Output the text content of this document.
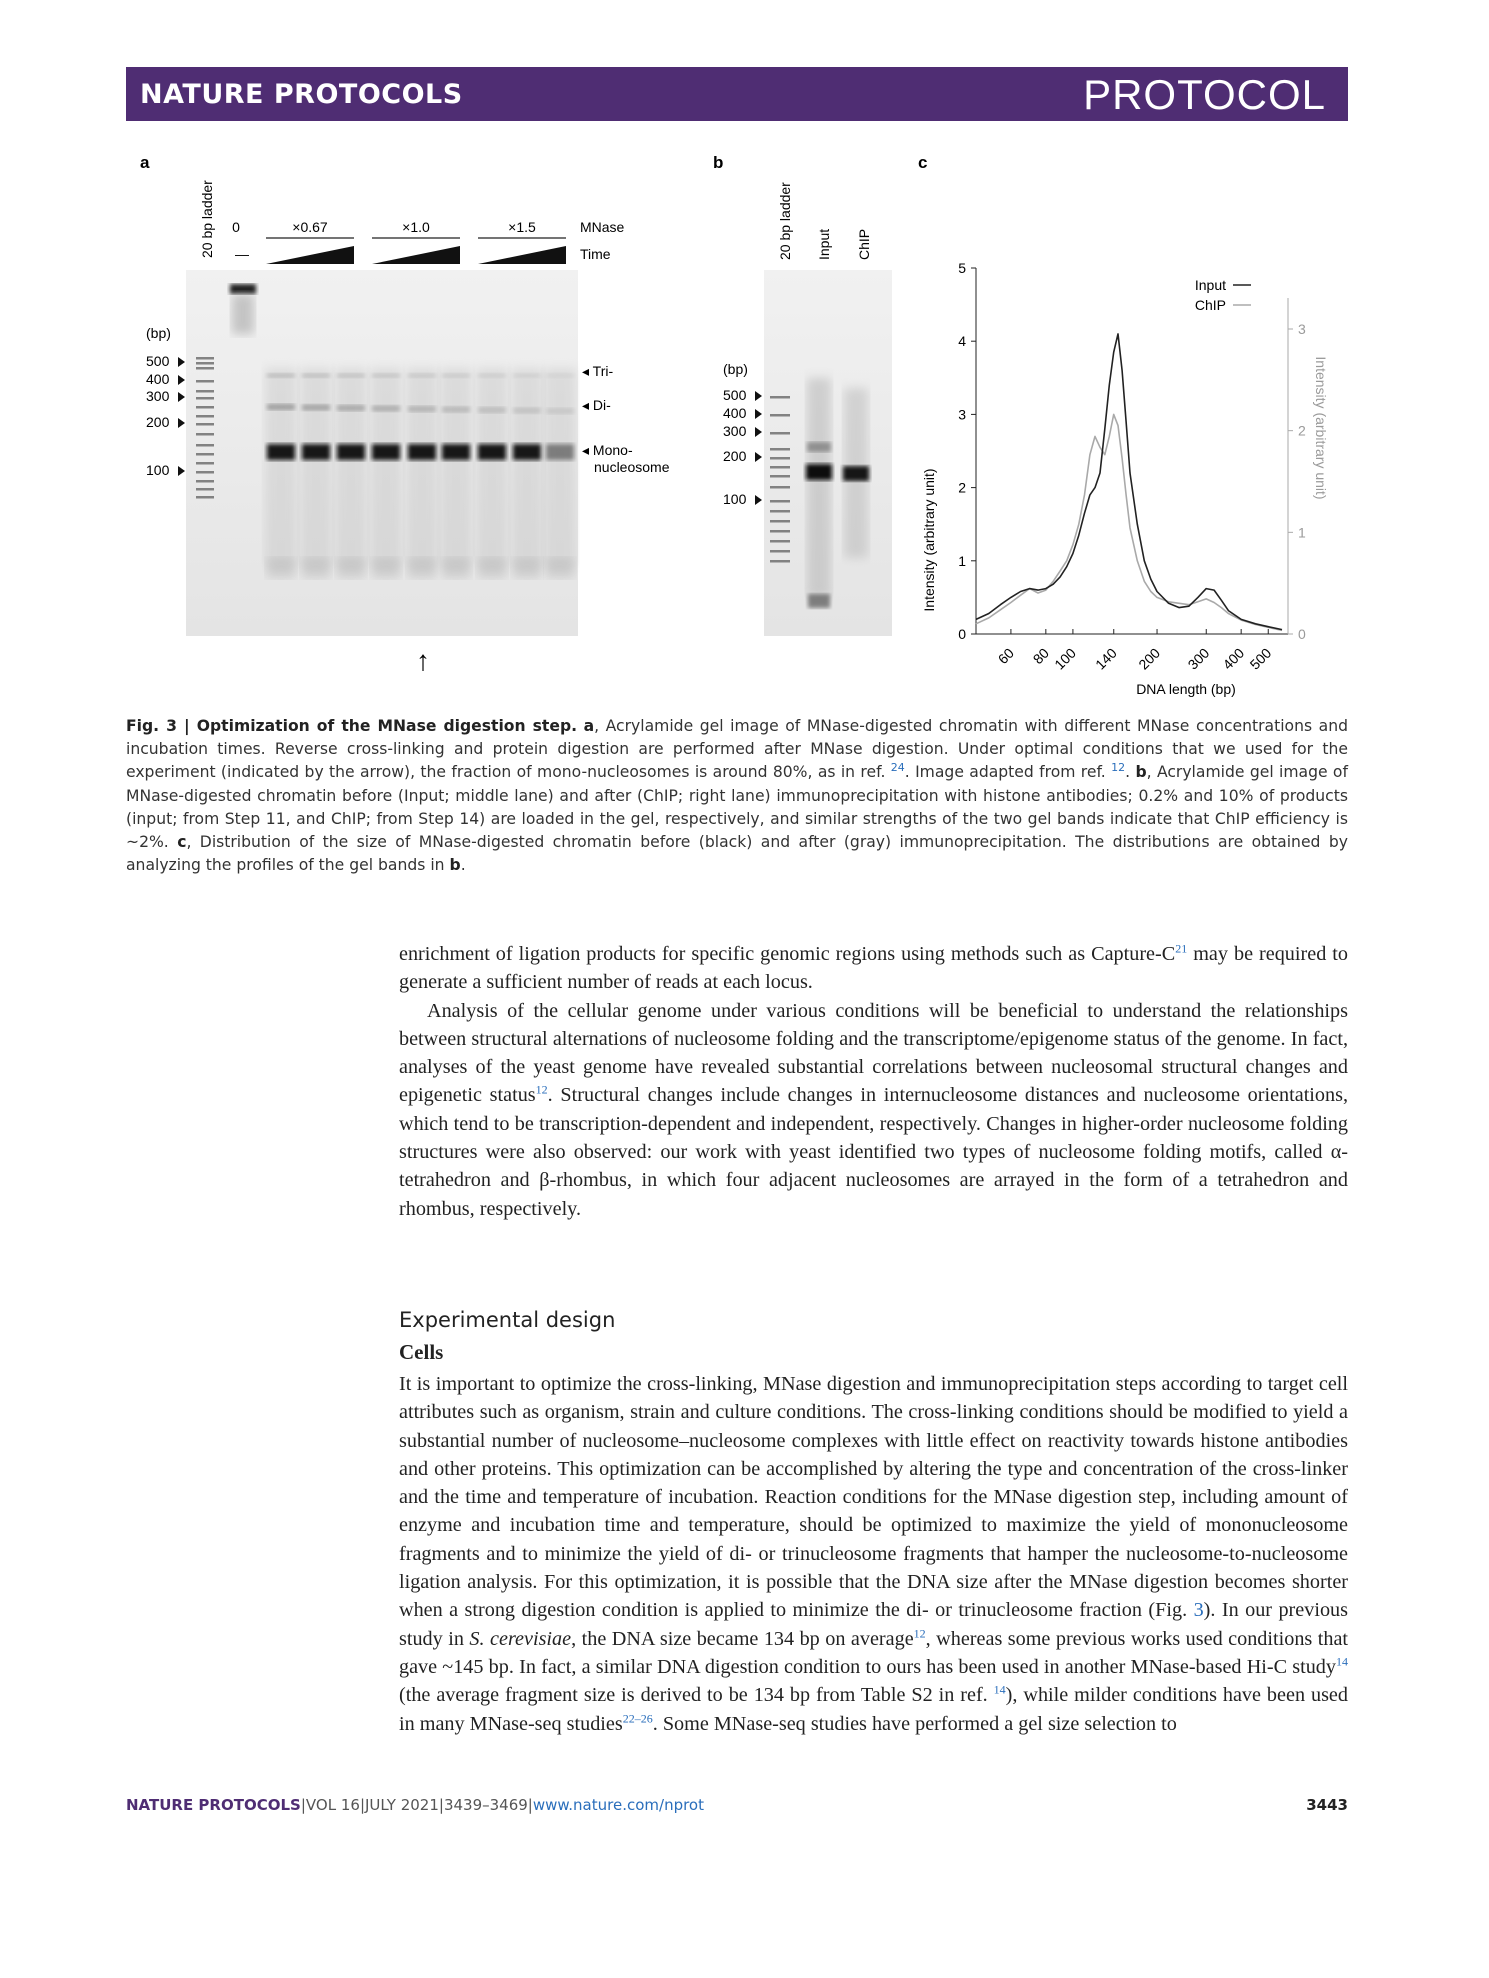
NATURE PROTOCOLS	PROTOCOL
a
20 bp ladder 0
—
×0.67	×1.0	×1.5	MNase
Time
(bp)
500
400
300
200
100
◂ Tri-
◂ Di-
◂ Mono-
nucleosome
↑
b
20 bp ladder Input ChIP
(bp)
500
400
300
200
100
c
0
1
2
3
4
5
0
1
2
3
60 80 100 140 200 300 400 500
DNA length (bp)
Intensity (arbitrary unit)
Intensity (arbitrary unit)
Input
ChIP
Fig. 3 | Optimization of the MNase digestion step. a, Acrylamide gel image of MNase-digested chromatin with different MNase concentrations and incubation times. Reverse cross-linking and protein digestion are performed after MNase digestion. Under optimal conditions that we used for the experiment (indicated by the arrow), the fraction of mono-nucleosomes is around 80%, as in ref. $^{24}$. Image adapted from ref. $^{12}$. b, Acrylamide gel image of MNase-digested chromatin before (Input; middle lane) and after (ChIP; right lane) immunoprecipitation with histone antibodies; 0.2% and 10% of products (input; from Step 11, and ChIP; from Step 14) are loaded in the gel, respectively, and similar strengths of the two gel bands indicate that ChIP efficiency is ~2%. c, Distribution of the size of MNase-digested chromatin before (black) and after (gray) immunoprecipitation. The distributions are obtained by analyzing the profiles of the gel bands in b.

enrichment of ligation products for specific genomic regions using methods such as Capture-$C^{21}$ may be required to generate a sufficient number of reads at each locus.

Analysis of the cellular genome under various conditions will be beneficial to understand the relationships between structural alternations of nucleosome folding and the transcriptome/epigenome status of the genome. In fact, analyses of the yeast genome have revealed substantial correlations between nucleosomal structural changes and epigenetic status$^{12}$. Structural changes include changes in internucleosome distances and nucleosome orientations, which tend to be transcription-dependent and independent, respectively. Changes in higher-order nucleosome folding structures were also observed: our work with yeast identified two types of nucleosome folding motifs, called α-tetrahedron and β-rhombus, in which four adjacent nucleosomes are arrayed in the form of a tetrahedron and rhombus, respectively.

Experimental design
Cells

It is important to optimize the cross-linking, MNase digestion and immunoprecipitation steps according to target cell attributes such as organism, strain and culture conditions. The cross-linking conditions should be modified to yield a substantial number of nucleosome–nucleosome complexes with little effect on reactivity towards histone antibodies and other proteins. This optimization can be accomplished by altering the type and concentration of the cross-linker and the time and temperature of incubation. Reaction conditions for the MNase digestion step, including amount of enzyme and incubation time and temperature, should be optimized to maximize the yield of mononucleosome fragments and to minimize the yield of di- or trinucleosome fragments that hamper the nucleosome-to-nucleosome ligation analysis. For this optimization, it is possible that the DNA size after the MNase digestion becomes shorter when a strong digestion condition is applied to minimize the di- or trinucleosome fraction (Fig. 3). In our previous study in S. cerevisiae, the DNA size became 134 bp on average$^{12}$, whereas some previous works used conditions that gave ~145 bp. In fact, a similar DNA digestion condition to ours has been used in another MNase-based Hi-C study$^{14}$ (the average fragment size is derived to be 134 bp from Table S2 in ref. $^{14}$), while milder conditions have been used in many MNase-seq studies$^{22-26}$. Some MNase-seq studies have performed a gel size selection to

NATURE PROTOCOLS|VOL 16|JULY 2021|3439–3469|www.nature.com/nprot	3443
